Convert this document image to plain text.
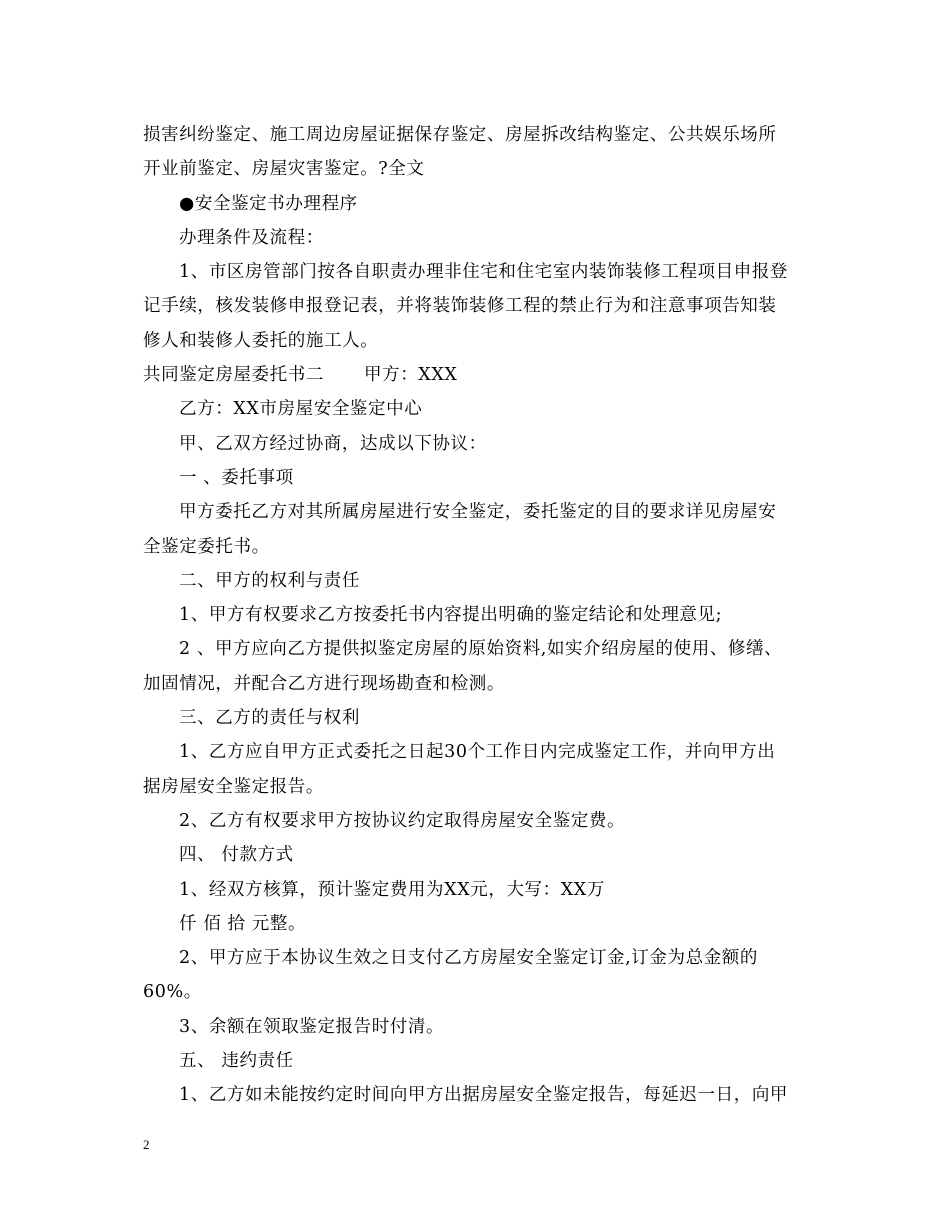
损害纠纷鉴定、施工周边房屋证据保存鉴定、房屋拆改结构鉴定、公共娱乐场所
开业前鉴定、房屋灾害鉴定。?全文
●安全鉴定书办理程序
办理条件及流程：
1、市区房管部门按各自职责办理非住宅和住宅室内装饰装修工程项目申报登
记手续，核发装修申报登记表，并将装饰装修工程的禁止行为和注意事项告知装
修人和装修人委托的施工人。
共同鉴定房屋委托书二 甲方：XXX
乙方：XX市房屋安全鉴定中心
甲、乙双方经过协商，达成以下协议：
一 、委托事项
甲方委托乙方对其所属房屋进行安全鉴定，委托鉴定的目的要求详见房屋安
全鉴定委托书。
二、甲方的权利与责任
1、甲方有权要求乙方按委托书内容提出明确的鉴定结论和处理意见;
2 、甲方应向乙方提供拟鉴定房屋的原始资料,如实介绍房屋的使用、修缮、
加固情况，并配合乙方进行现场勘查和检测。
三、乙方的责任与权利
1、乙方应自甲方正式委托之日起30个工作日内完成鉴定工作，并向甲方出
据房屋安全鉴定报告。
2、乙方有权要求甲方按协议约定取得房屋安全鉴定费。
四、 付款方式
1、经双方核算，预计鉴定费用为XX元，大写：XX万
仟 佰 拾 元整。
2、甲方应于本协议生效之日支付乙方房屋安全鉴定订金,订金为总金额的
60%。
3、余额在领取鉴定报告时付清。
五、 违约责任
1、乙方如未能按约定时间向甲方出据房屋安全鉴定报告，每延迟一日，向甲
2
